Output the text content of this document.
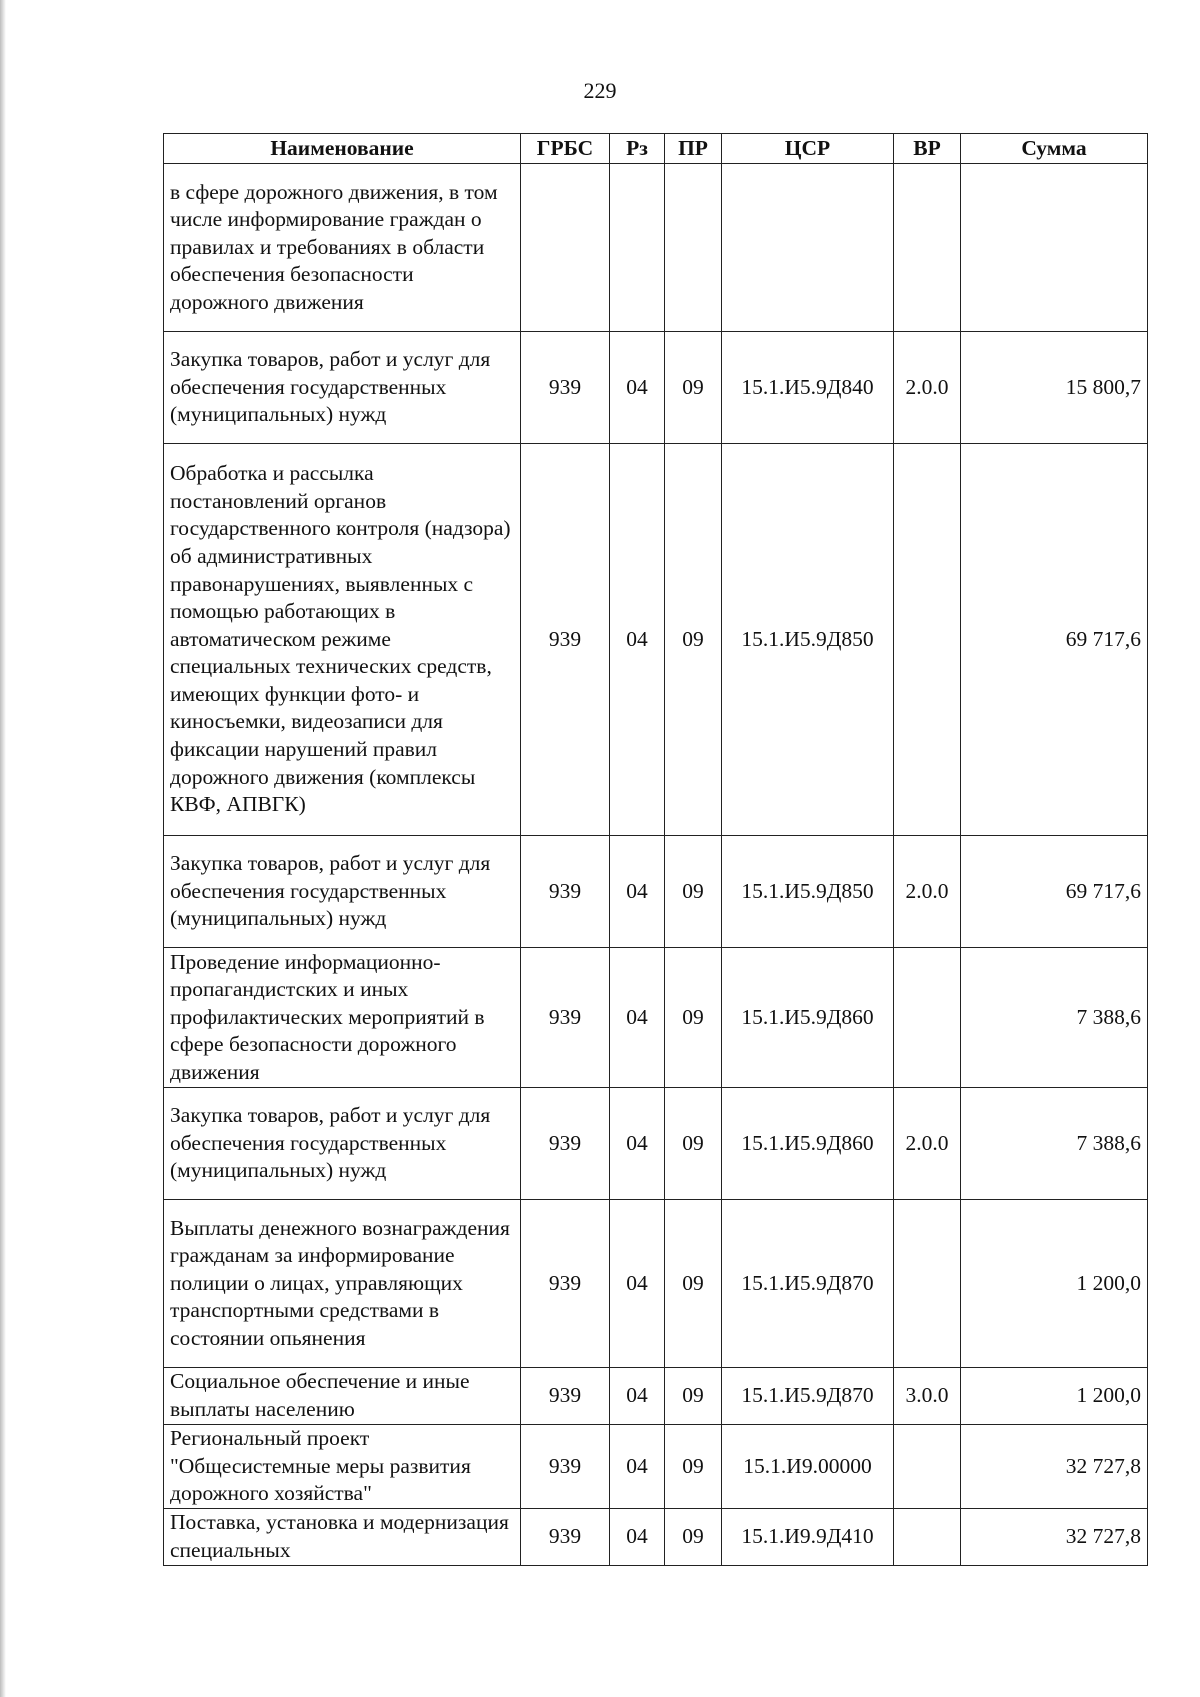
229
Наименование	ГРБС	Рз	ПР	ЦСР	ВР	Сумма
в сфере дорожного движения, в том числе информирование граждан о правилах и требованиях в области обеспечения безопасности дорожного движения						
Закупка товаров, работ и услуг для обеспечения государственных (муниципальных) нужд	939	04	09	15.1.И5.9Д840	2.0.0	15 800,7
Обработка и рассылка постановлений органов государственного контроля (надзора) об административных правонарушениях, выявленных с помощью работающих в автоматическом режиме специальных технических средств, имеющих функции фото- и киносъемки, видеозаписи для фиксации нарушений правил дорожного движения (комплексы КВФ, АПВГК)	939	04	09	15.1.И5.9Д850		69 717,6
Закупка товаров, работ и услуг для обеспечения государственных (муниципальных) нужд	939	04	09	15.1.И5.9Д850	2.0.0	69 717,6
Проведение информационно-пропагандистских и иных профилактических мероприятий в сфере безопасности дорожного движения	939	04	09	15.1.И5.9Д860		7 388,6
Закупка товаров, работ и услуг для обеспечения государственных (муниципальных) нужд	939	04	09	15.1.И5.9Д860	2.0.0	7 388,6
Выплаты денежного вознаграждения гражданам за информирование полиции о лицах, управляющих транспортными средствами в состоянии опьянения	939	04	09	15.1.И5.9Д870		1 200,0
Социальное обеспечение и иные выплаты населению	939	04	09	15.1.И5.9Д870	3.0.0	1 200,0
Региональный проект "Общесистемные меры развития дорожного хозяйства"	939	04	09	15.1.И9.00000		32 727,8
Поставка, установка и модернизация специальных	939	04	09	15.1.И9.9Д410		32 727,8
